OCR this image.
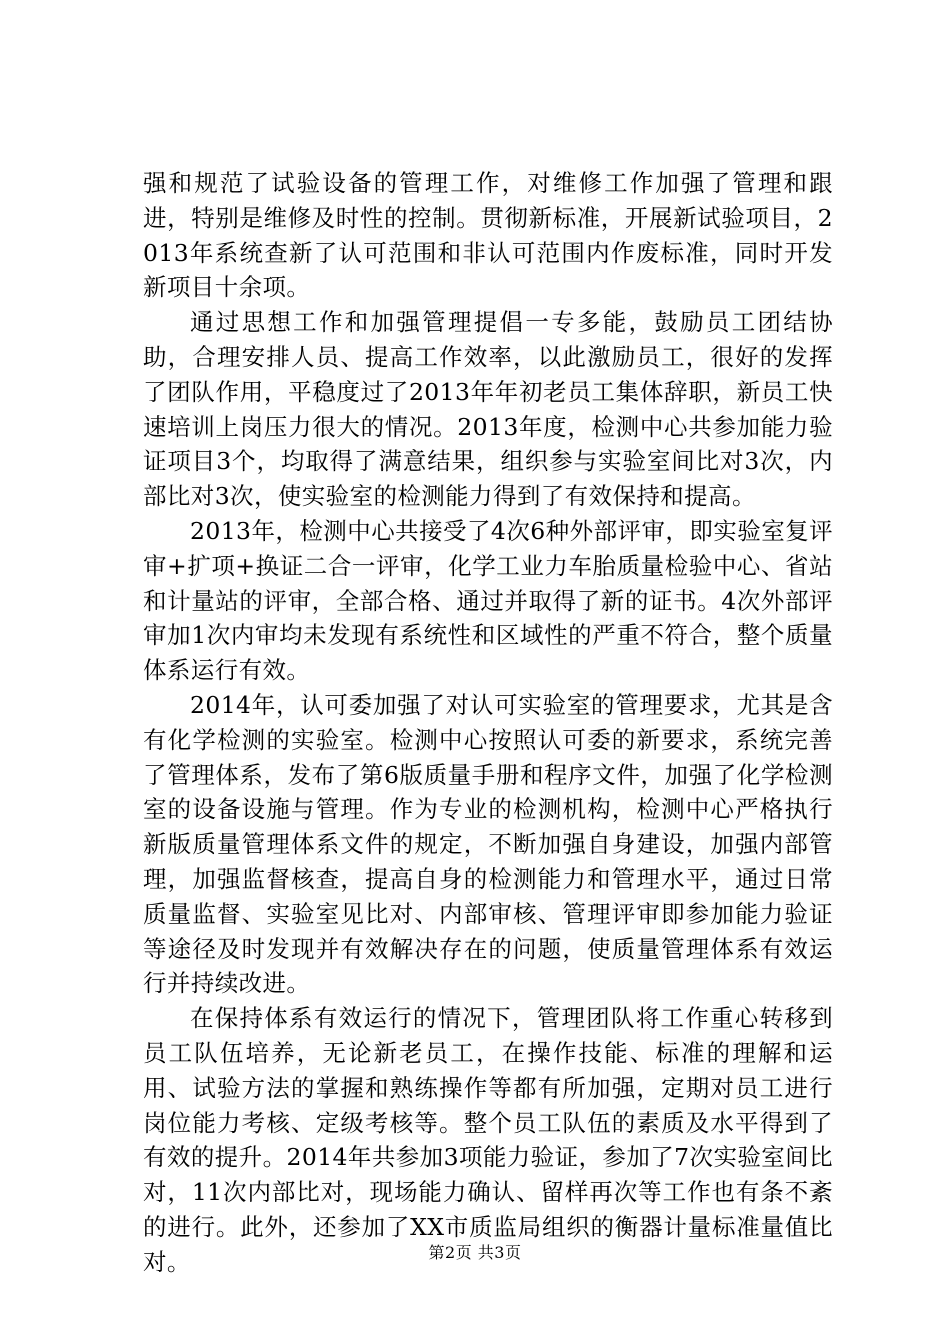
强和规范了试验设备的管理工作，对维修工作加强了管理和跟进，特别是维修及时性的控制。贯彻新标准，开展新试验项目，2013年系统查新了认可范围和非认可范围内作废标准，同时开发新项目十余项。

通过思想工作和加强管理提倡一专多能，鼓励员工团结协助，合理安排人员、提高工作效率，以此激励员工，很好的发挥了团队作用，平稳度过了2013年年初老员工集体辞职，新员工快速培训上岗压力很大的情况。2013年度，检测中心共参加能力验证项目3个，均取得了满意结果，组织参与实验室间比对3次，内部比对3次，使实验室的检测能力得到了有效保持和提高。

2013年，检测中心共接受了4次6种外部评审，即实验室复评审+扩项+换证二合一评审，化学工业力车胎质量检验中心、省站和计量站的评审，全部合格、通过并取得了新的证书。4次外部评审加1次内审均未发现有系统性和区域性的严重不符合，整个质量体系运行有效。

2014年，认可委加强了对认可实验室的管理要求，尤其是含有化学检测的实验室。检测中心按照认可委的新要求，系统完善了管理体系，发布了第6版质量手册和程序文件，加强了化学检测室的设备设施与管理。作为专业的检测机构，检测中心严格执行新版质量管理体系文件的规定，不断加强自身建设，加强内部管理，加强监督核查，提高自身的检测能力和管理水平，通过日常质量监督、实验室见比对、内部审核、管理评审即参加能力验证等途径及时发现并有效解决存在的问题，使质量管理体系有效运行并持续改进。

在保持体系有效运行的情况下，管理团队将工作重心转移到员工队伍培养，无论新老员工，在操作技能、标准的理解和运用、试验方法的掌握和熟练操作等都有所加强，定期对员工进行岗位能力考核、定级考核等。整个员工队伍的素质及水平得到了有效的提升。2014年共参加3项能力验证，参加了7次实验室间比对，11次内部比对，现场能力确认、留样再次等工作也有条不紊的进行。此外，还参加了XX市质监局组织的衡器计量标准量值比对。	第2页 共3页
